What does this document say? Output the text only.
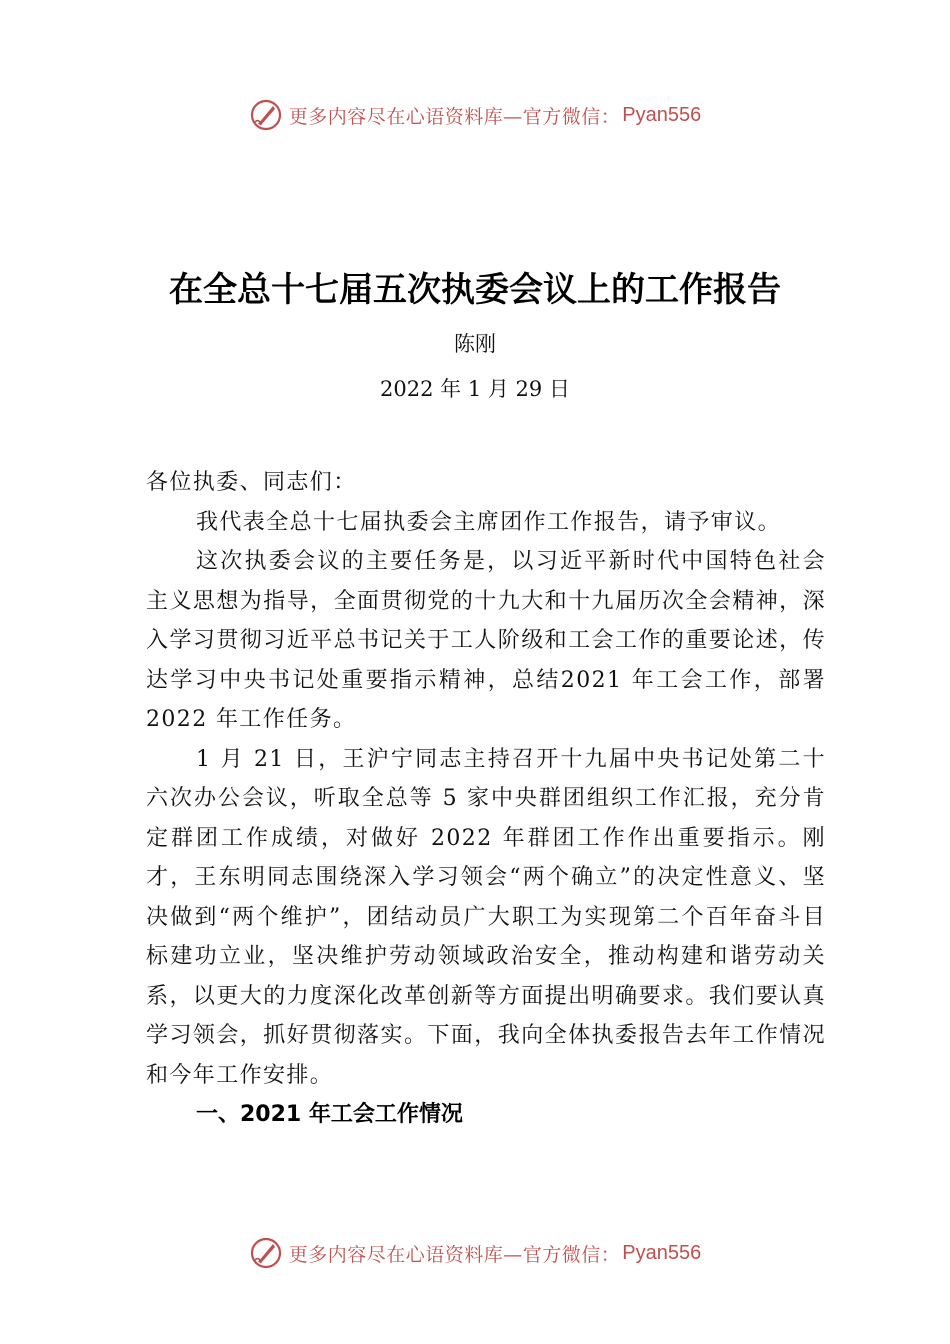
更多内容尽在心语资料库—官方微信： Pyan556
在全总十七届五次执委会议上的工作报告
陈刚
2022 年 1 月 29 日

各位执委、同志们：

我代表全总十七届执委会主席团作工作报告，请予审议。

这次执委会议的主要任务是，以习近平新时代中国特色社会主义思想为指导，全面贯彻党的十九大和十九届历次全会精神，深入学习贯彻习近平总书记关于工人阶级和工会工作的重要论述，传达学习中央书记处重要指示精神，总结2021 年工会工作，部署 2022 年工作任务。

1 月 21 日，王沪宁同志主持召开十九届中央书记处第二十六次办公会议，听取全总等 5 家中央群团组织工作汇报，充分肯定群团工作成绩，对做好 2022 年群团工作作出重要指示。刚才，王东明同志围绕深入学习领会“两个确立”的决定性意义、坚决做到“两个维护”，团结动员广大职工为实现第二个百年奋斗目标建功立业，坚决维护劳动领域政治安全，推动构建和谐劳动关系，以更大的力度深化改革创新等方面提出明确要求。我们要认真学习领会，抓好贯彻落实。下面，我向全体执委报告去年工作情况和今年工作安排。

一、2021 年工会工作情况

更多内容尽在心语资料库—官方微信： Pyan556
